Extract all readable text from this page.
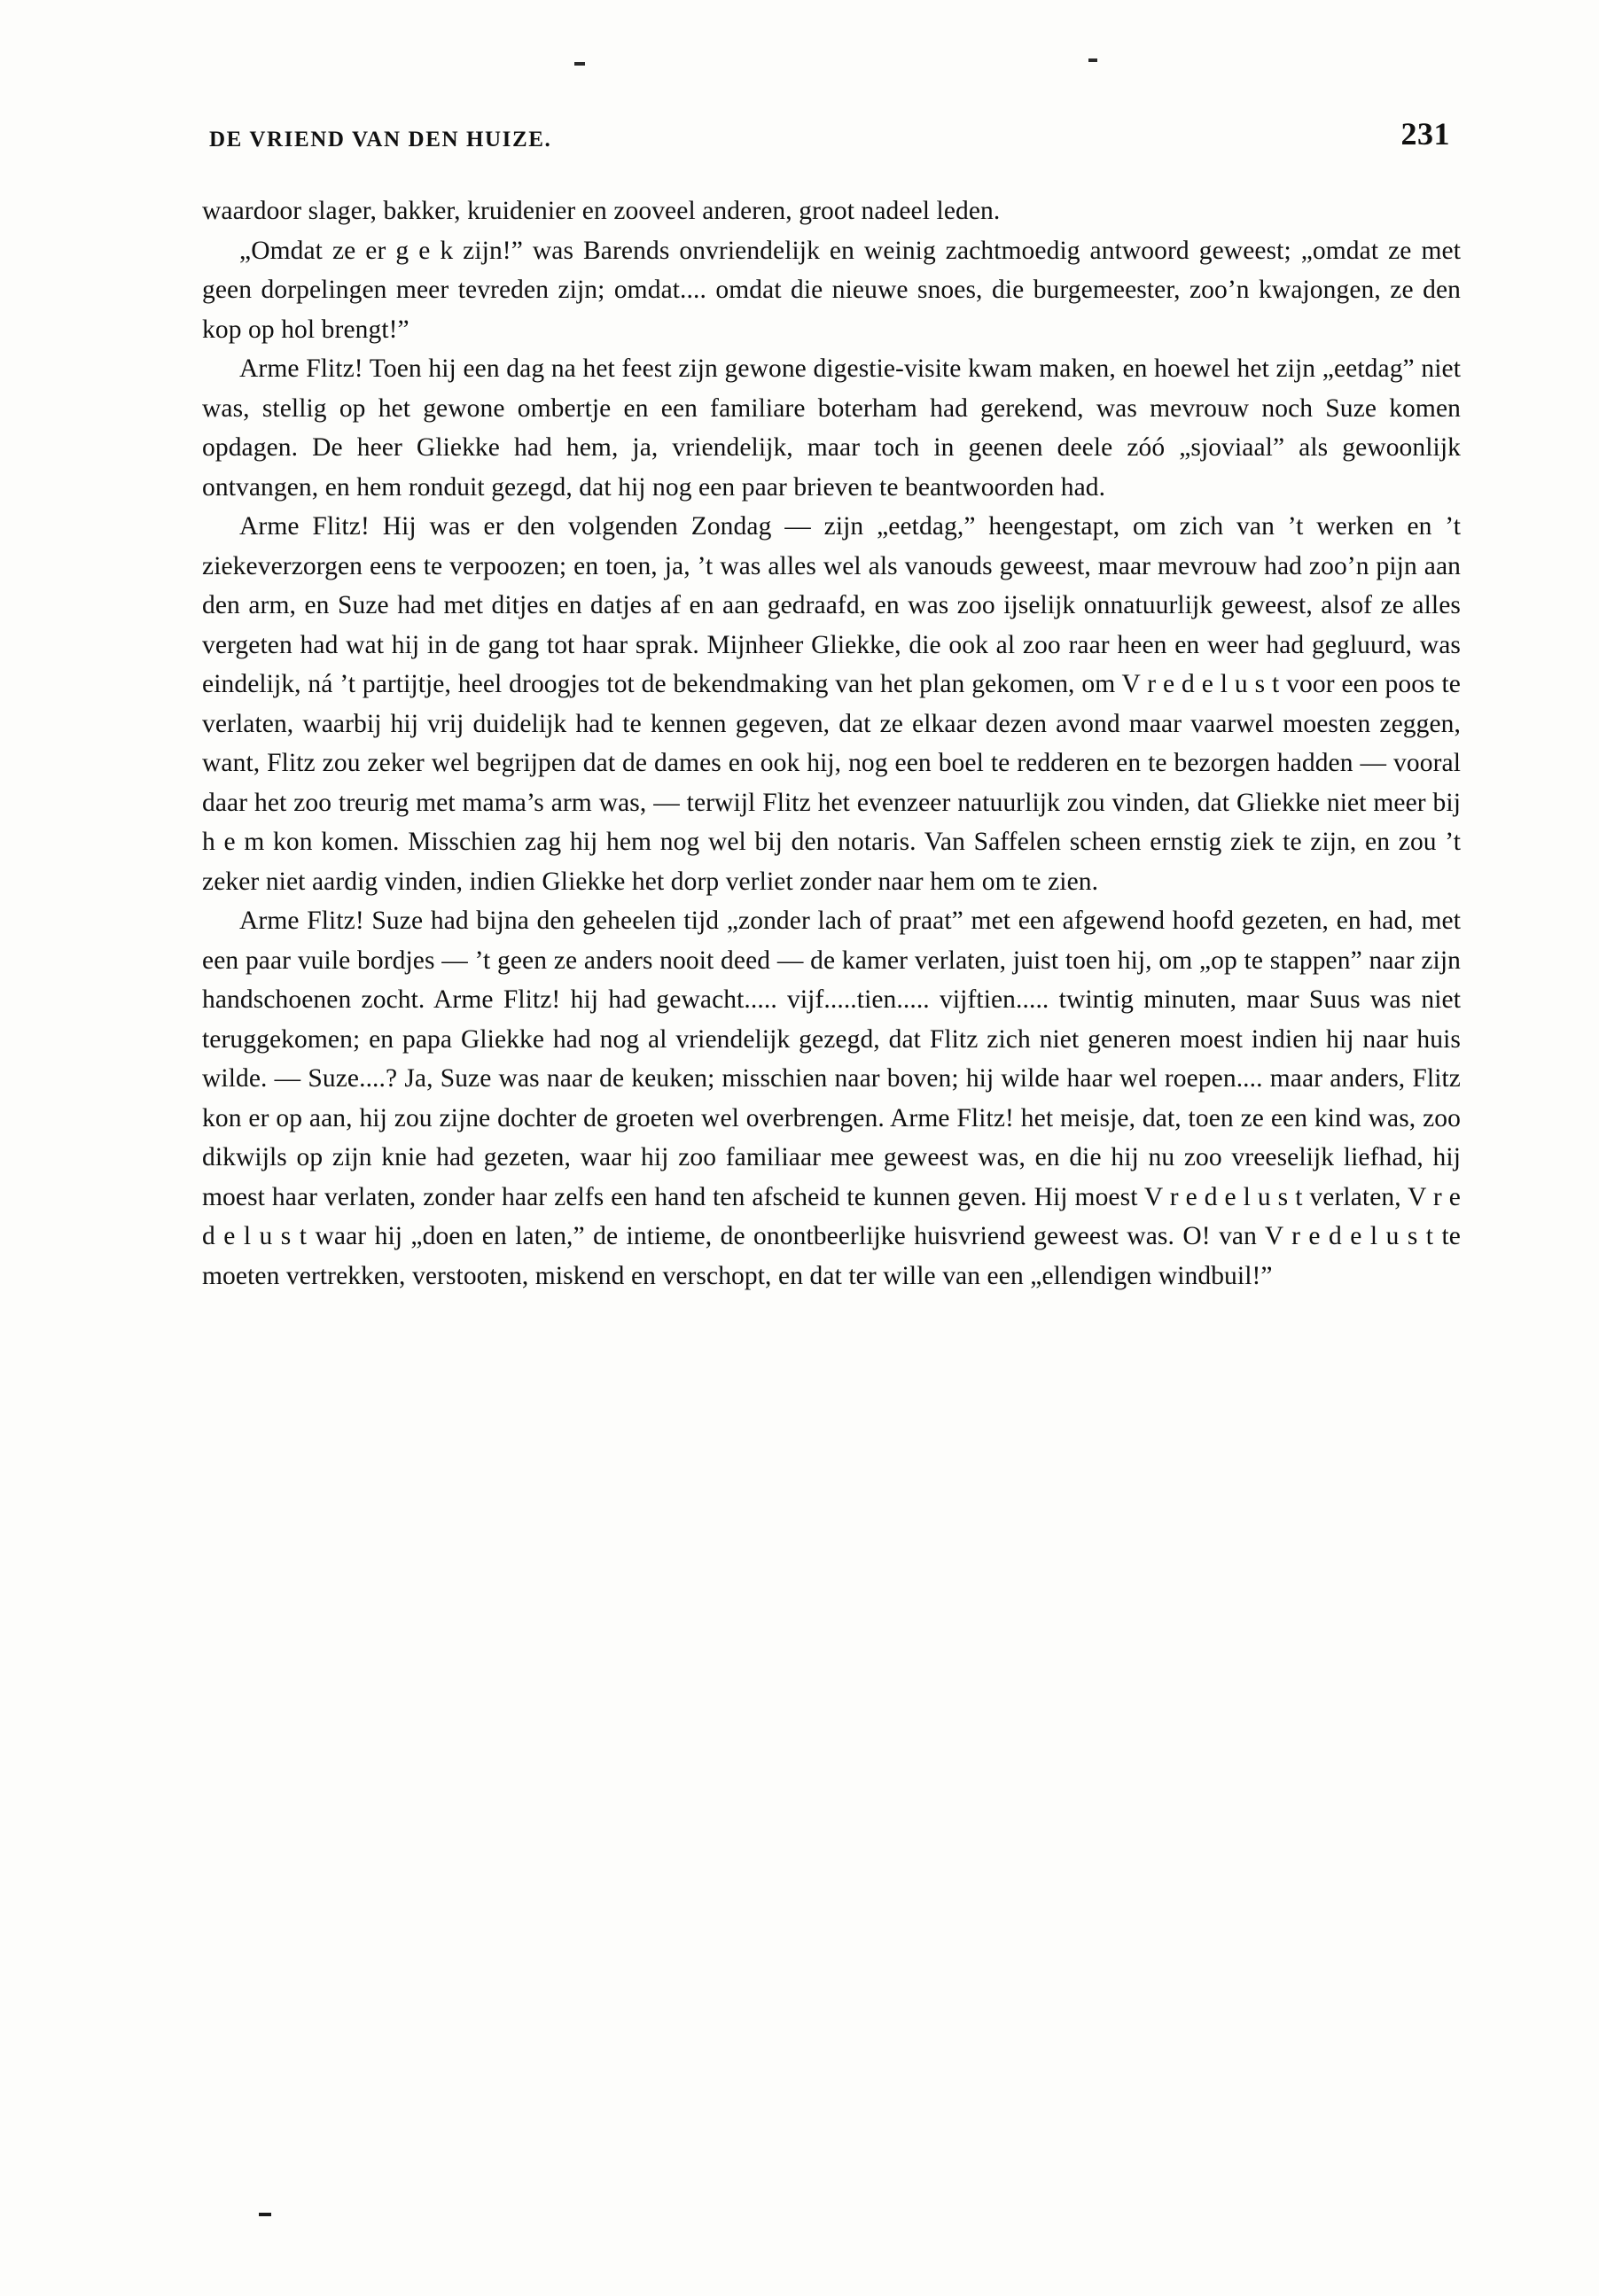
DE VRIEND VAN DEN HUIZE.	231

waardoor slager, bakker, kruidenier en zooveel anderen, groot nadeel leden.

„Omdat ze er g e k zijn!” was Barends onvriendelijk en weinig zachtmoedig antwoord geweest; „omdat ze met geen dorpelingen meer tevreden zijn; omdat.... omdat die nieuwe snoes, die burgemeester, zoo’n kwajongen, ze den kop op hol brengt!”

Arme Flitz! Toen hij een dag na het feest zijn gewone digestie-visite kwam maken, en hoewel het zijn „eetdag” niet was, stellig op het gewone ombertje en een familiare boterham had gerekend, was mevrouw noch Suze komen opdagen. De heer Gliekke had hem, ja, vriendelijk, maar toch in geenen deele zóó „sjoviaal” als gewoonlijk ontvangen, en hem ronduit gezegd, dat hij nog een paar brieven te beantwoorden had.

Arme Flitz! Hij was er den volgenden Zondag — zijn „eetdag,” heengestapt, om zich van ’t werken en ’t ziekeverzorgen eens te verpoozen; en toen, ja, ’t was alles wel als vanouds geweest, maar mevrouw had zoo’n pijn aan den arm, en Suze had met ditjes en datjes af en aan gedraafd, en was zoo ijselijk onnatuurlijk geweest, alsof ze alles vergeten had wat hij in de gang tot haar sprak. Mijnheer Gliekke, die ook al zoo raar heen en weer had gegluurd, was eindelijk, ná ’t partijtje, heel droogjes tot de bekendmaking van het plan gekomen, om V r e d e l u s t voor een poos te verlaten, waarbij hij vrij duidelijk had te kennen gegeven, dat ze elkaar dezen avond maar vaarwel moesten zeggen, want, Flitz zou zeker wel begrijpen dat de dames en ook hij, nog een boel te redderen en te bezorgen hadden — vooral daar het zoo treurig met mama’s arm was, — terwijl Flitz het evenzeer natuurlijk zou vinden, dat Gliekke niet meer bij h e m kon komen. Misschien zag hij hem nog wel bij den notaris. Van Saffelen scheen ernstig ziek te zijn, en zou ’t zeker niet aardig vinden, indien Gliekke het dorp verliet zonder naar hem om te zien.

Arme Flitz! Suze had bijna den geheelen tijd „zonder lach of praat” met een afgewend hoofd gezeten, en had, met een paar vuile bordjes — ’t geen ze anders nooit deed — de kamer verlaten, juist toen hij, om „op te stappen” naar zijn handschoenen zocht. Arme Flitz! hij had gewacht..... vijf.....tien..... vijftien..... twintig minuten, maar Suus was niet teruggekomen; en papa Gliekke had nog al vriendelijk gezegd, dat Flitz zich niet generen moest indien hij naar huis wilde. — Suze....? Ja, Suze was naar de keuken; misschien naar boven; hij wilde haar wel roepen.... maar anders, Flitz kon er op aan, hij zou zijne dochter de groeten wel overbrengen. Arme Flitz! het meisje, dat, toen ze een kind was, zoo dikwijls op zijn knie had gezeten, waar hij zoo familiaar mee geweest was, en die hij nu zoo vreeselijk liefhad, hij moest haar verlaten, zonder haar zelfs een hand ten afscheid te kunnen geven. Hij moest V r e d e l u s t verlaten, V r e d e l u s t waar hij „doen en laten,” de intieme, de onontbeerlijke huisvriend geweest was. O! van V r e d e l u s t te moeten vertrekken, verstooten, miskend en verschopt, en dat ter wille van een „ellendigen windbuil!”
